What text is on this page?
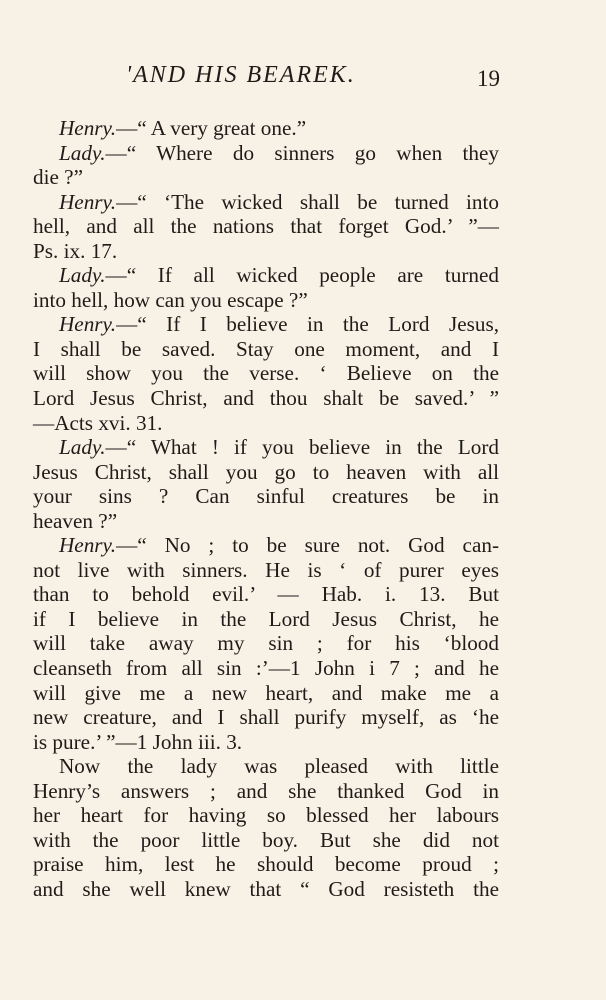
'AND HIS BEAREK.	19
Henry.—“ A very great one.”
Lady.—“ Where do sinners go when they
die ?”
Henry.—“ ‘The wicked shall be turned into
hell, and all the nations that forget God.’ ”—
Ps. ix. 17.
Lady.—“ If all wicked people are turned
into hell, how can you escape ?”
Henry.—“ If I believe in the Lord Jesus,
I shall be saved. Stay one moment, and I
will show you the verse. ‘ Believe on the
Lord Jesus Christ, and thou shalt be saved.’ ”
—Acts xvi. 31.
Lady.—“ What ! if you believe in the Lord
Jesus Christ, shall you go to heaven with all
your sins ? Can sinful creatures be in
heaven ?”
Henry.—“ No ; to be sure not. God can-
not live with sinners. He is ‘ of purer eyes
than to behold evil.’ — Hab. i. 13. But
if I believe in the Lord Jesus Christ, he
will take away my sin ; for his ‘blood
cleanseth from all sin :’—1 John i 7 ; and he
will give me a new heart, and make me a
new creature, and I shall purify myself, as ‘he
is pure.’ ”—1 John iii. 3.
Now the lady was pleased with little
Henry’s answers ; and she thanked God in
her heart for having so blessed her labours
with the poor little boy. But she did not
praise him, lest he should become proud ;
and she well knew that “ God resisteth the
